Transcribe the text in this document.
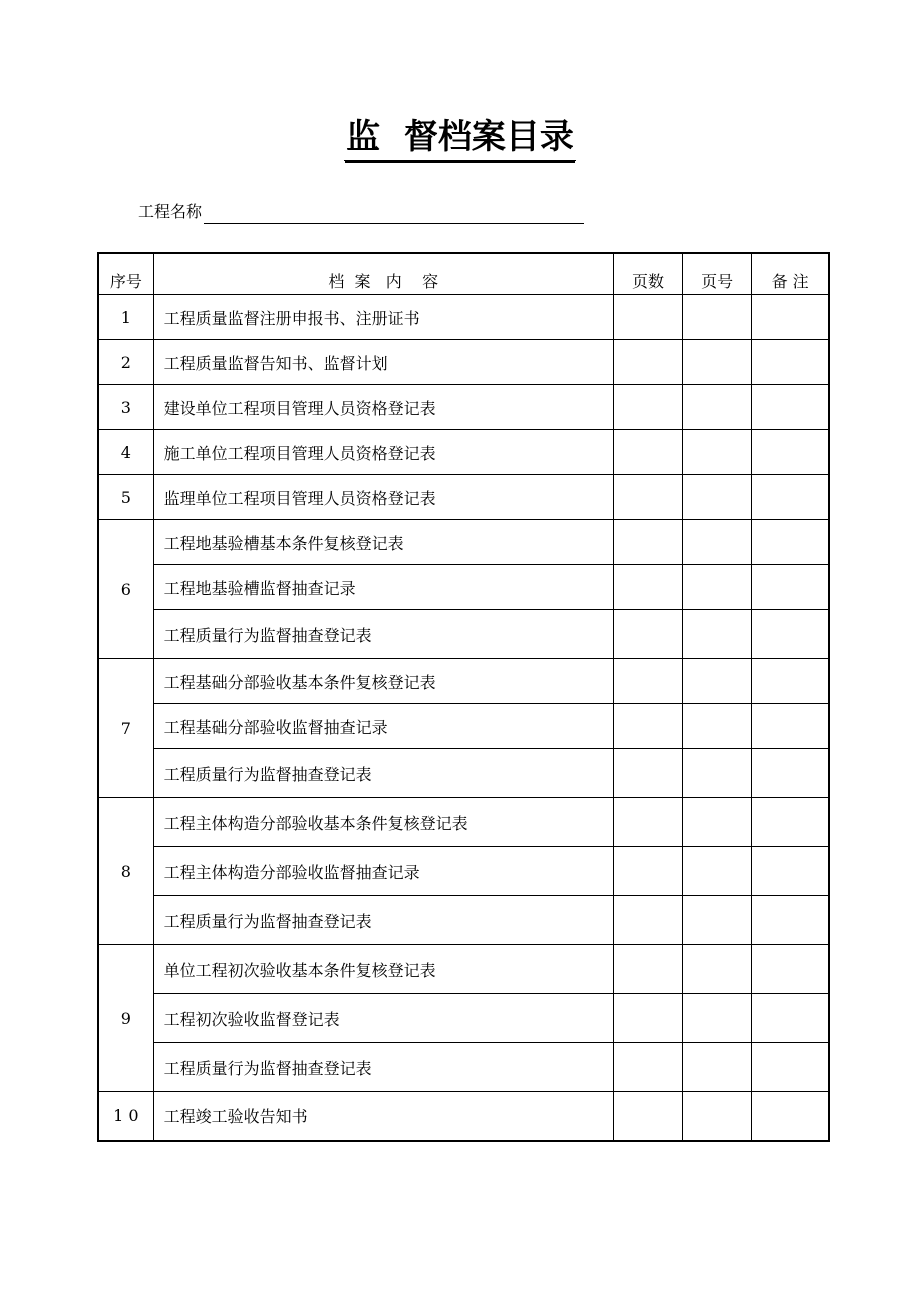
监  督档案目录
工程名称
序号	档  案   内    容	页数	页号	备 注
1	工程质量监督注册申报书、注册证书			
2	工程质量监督告知书、监督计划			
3	建设单位工程项目管理人员资格登记表			
4	施工单位工程项目管理人员资格登记表			
5	监理单位工程项目管理人员资格登记表			
6	工程地基验槽基本条件复核登记表			
	工程地基验槽监督抽查记录			
	工程质量行为监督抽查登记表			
7	工程基础分部验收基本条件复核登记表			
	工程基础分部验收监督抽查记录			
	工程质量行为监督抽查登记表			
8	工程主体构造分部验收基本条件复核登记表			
	工程主体构造分部验收监督抽查记录			
	工程质量行为监督抽查登记表			
9	单位工程初次验收基本条件复核登记表			
	工程初次验收监督登记表			
	工程质量行为监督抽查登记表			
1 0	工程竣工验收告知书			
